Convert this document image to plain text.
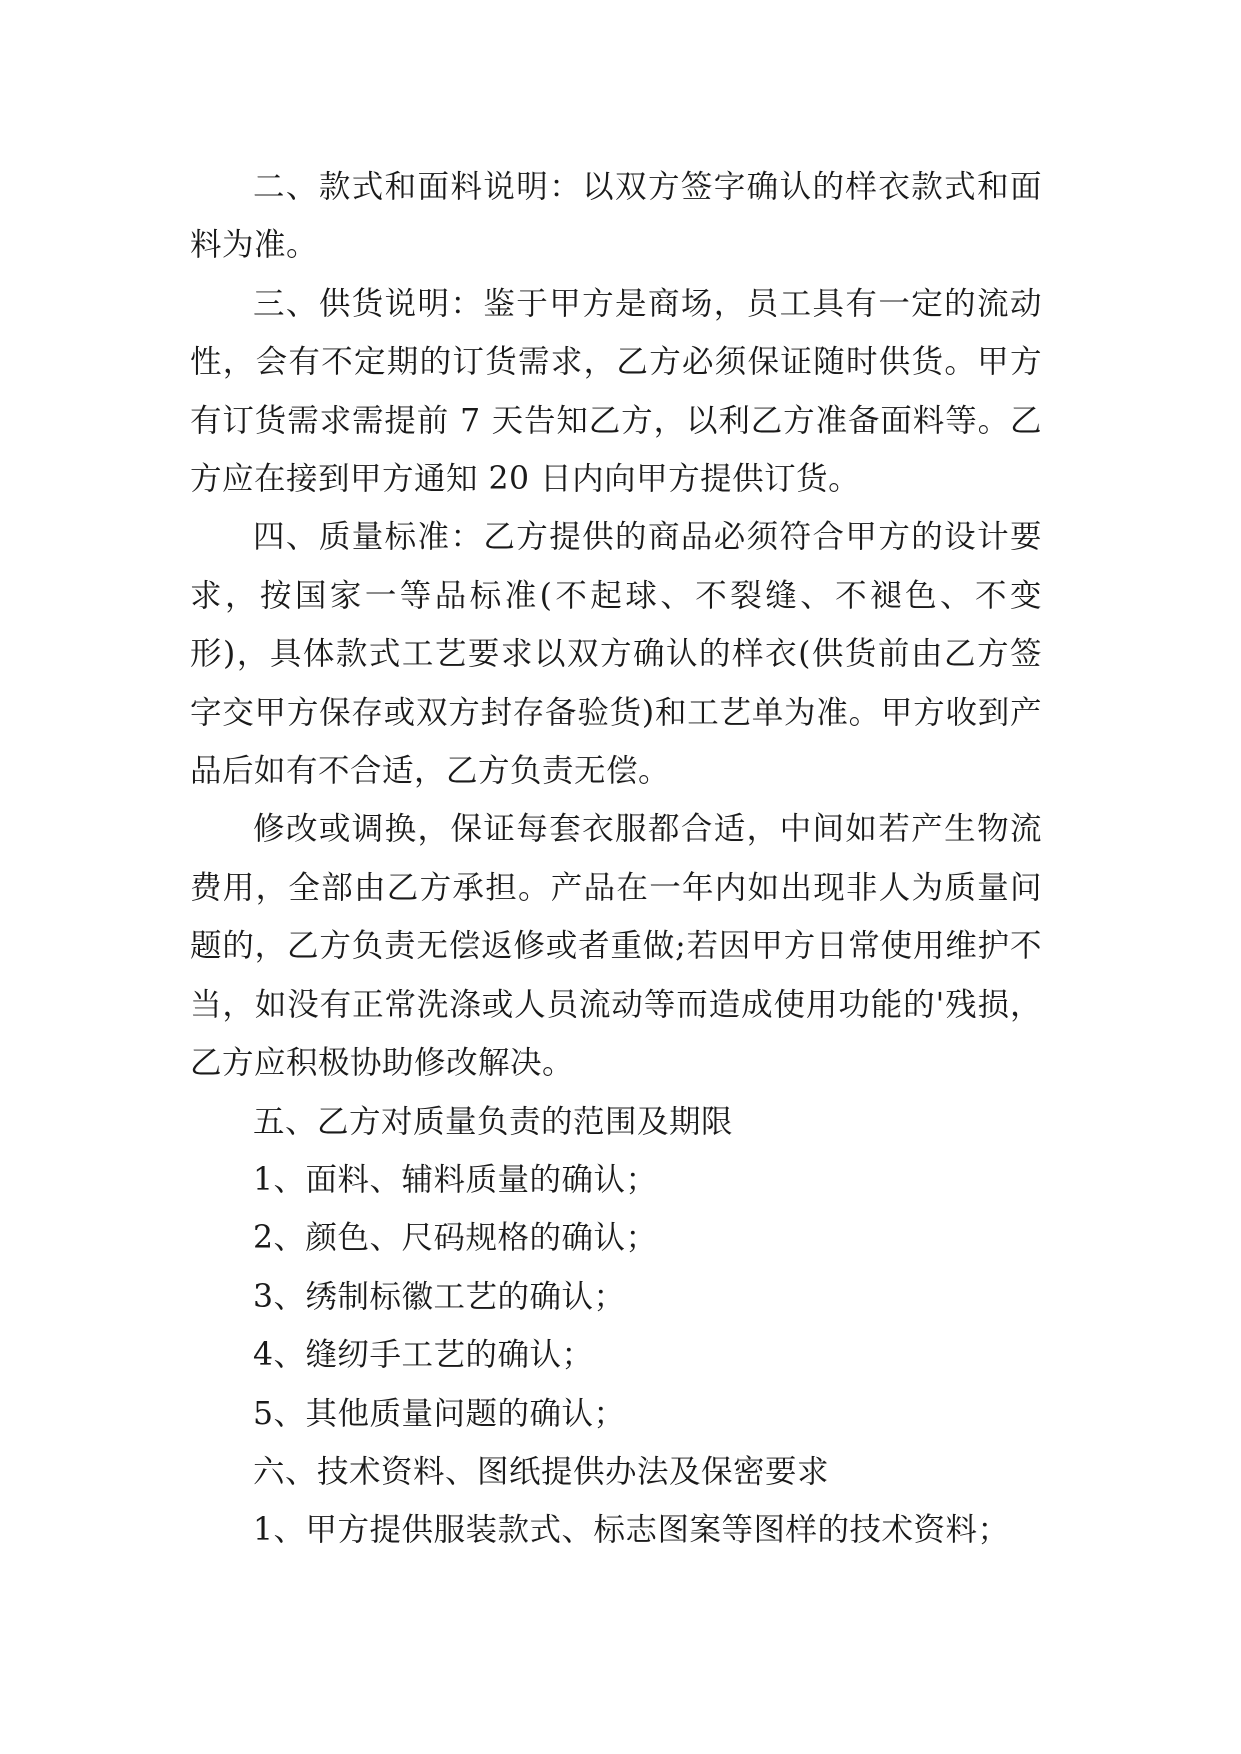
二、款式和面料说明：以双方签字确认的样衣款式和面料为准。

三、供货说明：鉴于甲方是商场，员工具有一定的流动性，会有不定期的订货需求，乙方必须保证随时供货。甲方有订货需求需提前 7 天告知乙方，以利乙方准备面料等。乙方应在接到甲方通知 20 日内向甲方提供订货。

四、质量标准：乙方提供的商品必须符合甲方的设计要求，按国家一等品标准(不起球、不裂缝、不褪色、不变形)，具体款式工艺要求以双方确认的样衣(供货前由乙方签字交甲方保存或双方封存备验货)和工艺单为准。甲方收到产品后如有不合适，乙方负责无偿。

修改或调换，保证每套衣服都合适，中间如若产生物流费用，全部由乙方承担。产品在一年内如出现非人为质量问题的，乙方负责无偿返修或者重做;若因甲方日常使用维护不当，如没有正常洗涤或人员流动等而造成使用功能的'残损，乙方应积极协助修改解决。

五、乙方对质量负责的范围及期限

1、面料、辅料质量的确认；

2、颜色、尺码规格的确认；

3、绣制标徽工艺的确认；

4、缝纫手工艺的确认；

5、其他质量问题的确认；

六、技术资料、图纸提供办法及保密要求

1、甲方提供服装款式、标志图案等图样的技术资料；
